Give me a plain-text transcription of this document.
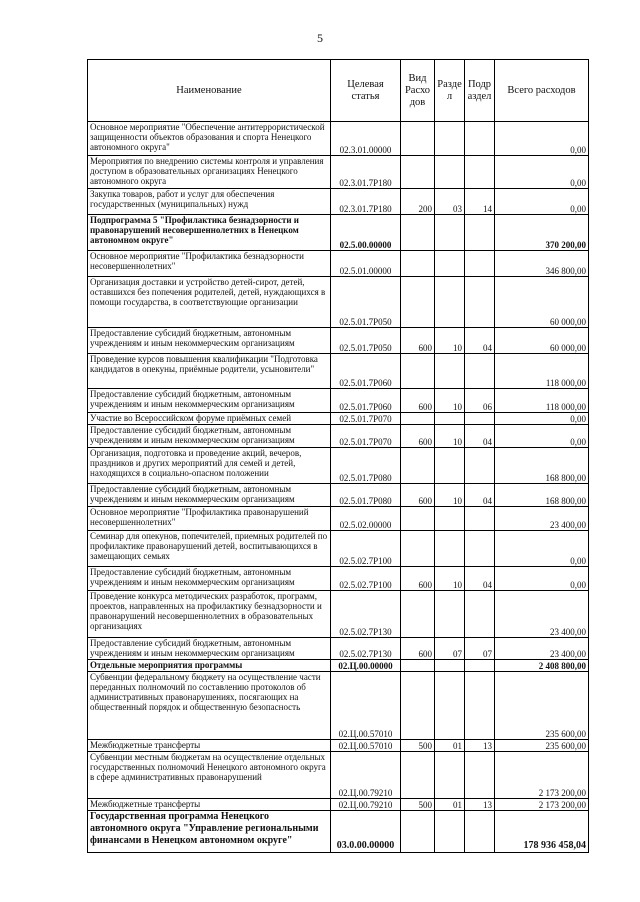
5
Наименование	Целевая статья	Вид Расхо дов	Разде л	Подр аздел	Всего расходов
Основное мероприятие "Обеспечение антитеррористической защищенности объектов образования и спорта Ненецкого автономного округа"	02.3.01.00000				0,00
Мероприятия по внедрению системы контроля и управления доступом в образовательных организациях Ненецкого автономного округа	02.3.01.7Р180				0,00
Закупка товаров, работ и услуг для обеспечения государственных (муниципальных) нужд	02.3.01.7Р180	200	03	14	0,00
Подпрограмма 5 "Профилактика безнадзорности и правонарушений несовершеннолетних в Ненецком автономном округе"	02.5.00.00000				370 200,00
Основное мероприятие "Профилактика безнадзорности несовершеннолетних"	02.5.01.00000				346 800,00
Организация доставки и устройство детей-сирот, детей, оставшихся без попечения родителей, детей, нуждающихся в помощи государства, в соответствующие организации	02.5.01.7Р050				60 000,00
Предоставление субсидий бюджетным, автономным учреждениям и иным некоммерческим организациям	02.5.01.7Р050	600	10	04	60 000,00
Проведение курсов повышения квалификации "Подготовка кандидатов в опекуны, приёмные родители, усыновители"	02.5.01.7Р060				118 000,00
Предоставление субсидий бюджетным, автономным учреждениям и иным некоммерческим организациям	02.5.01.7Р060	600	10	06	118 000,00
Участие во Всероссийском форуме приёмных семей	02.5.01.7Р070				0,00
Предоставление субсидий бюджетным, автономным учреждениям и иным некоммерческим организациям	02.5.01.7Р070	600	10	04	0,00
Организация, подготовка и проведение акций, вечеров, праздников и других мероприятий для семей и детей, находящихся в социально-опасном положении	02.5.01.7Р080				168 800,00
Предоставление субсидий бюджетным, автономным учреждениям и иным некоммерческим организациям	02.5.01.7Р080	600	10	04	168 800,00
Основное мероприятие "Профилактика правонарушений несовершеннолетних"	02.5.02.00000				23 400,00
Семинар для опекунов, попечителей, приемных родителей по профилактике правонарушений детей, воспитывающихся в замещающих семьях	02.5.02.7Р100				0,00
Предоставление субсидий бюджетным, автономным учреждениям и иным некоммерческим организациям	02.5.02.7Р100	600	10	04	0,00
Проведение конкурса методических разработок, программ, проектов, направленных на профилактику безнадзорности и правонарушений несовершеннолетних в образовательных организациях	02.5.02.7Р130				23 400,00
Предоставление субсидий бюджетным, автономным учреждениям и иным некоммерческим организациям	02.5.02.7Р130	600	07	07	23 400,00
Отдельные мероприятия программы	02.Ц.00.00000				2 408 800,00
Субвенции федеральному бюджету на осуществление части переданных полномочий по составлению протоколов об административных правонарушениях, посягающих на общественный порядок и общественную безопасность	02.Ц.00.57010				235 600,00
Межбюджетные трансферты	02.Ц.00.57010	500	01	13	235 600,00
Субвенции местным бюджетам на осуществление отдельных государственных полномочий Ненецкого автономного округа в сфере административных правонарушений	02.Ц.00.79210				2 173 200,00
Межбюджетные трансферты	02.Ц.00.79210	500	01	13	2 173 200,00
Государственная программа Ненецкого автономного округа "Управление региональными финансами в Ненецком автономном округе"	03.0.00.00000				178 936 458,04
